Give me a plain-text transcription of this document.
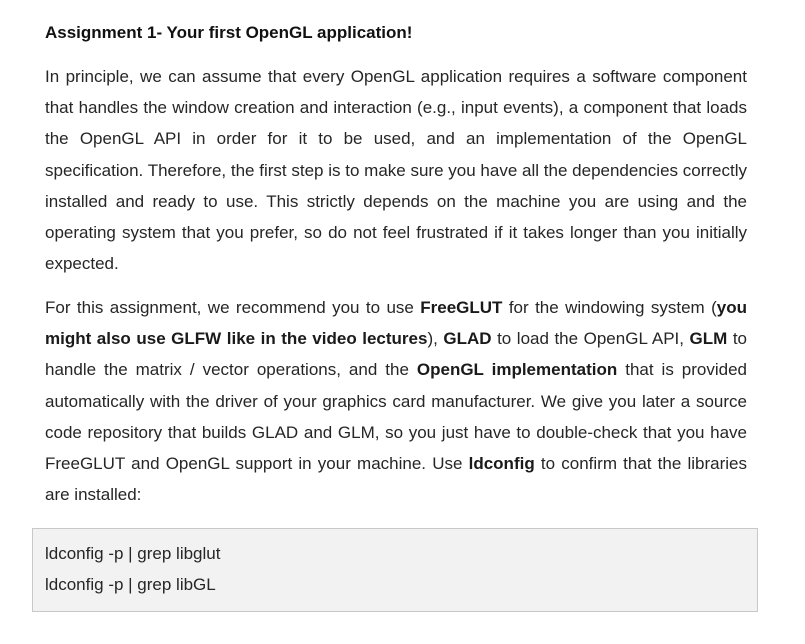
Assignment 1- Your first OpenGL application!

In principle, we can assume that every OpenGL application requires a software component that handles the window creation and interaction (e.g., input events), a component that loads the OpenGL API in order for it to be used, and an implementation of the OpenGL specification. Therefore, the first step is to make sure you have all the dependencies correctly installed and ready to use. This strictly depends on the machine you are using and the operating system that you prefer, so do not feel frustrated if it takes longer than you initially expected.

For this assignment, we recommend you to use FreeGLUT for the windowing system (you might also use GLFW like in the video lectures), GLAD to load the OpenGL API, GLM to handle the matrix / vector operations, and the OpenGL implementation that is provided automatically with the driver of your graphics card manufacturer. We give you later a source code repository that builds GLAD and GLM, so you just have to double-check that you have FreeGLUT and OpenGL support in your machine. Use ldconfig to confirm that the libraries are installed:

ldconfig -p | grep libglut
ldconfig -p | grep libGL
